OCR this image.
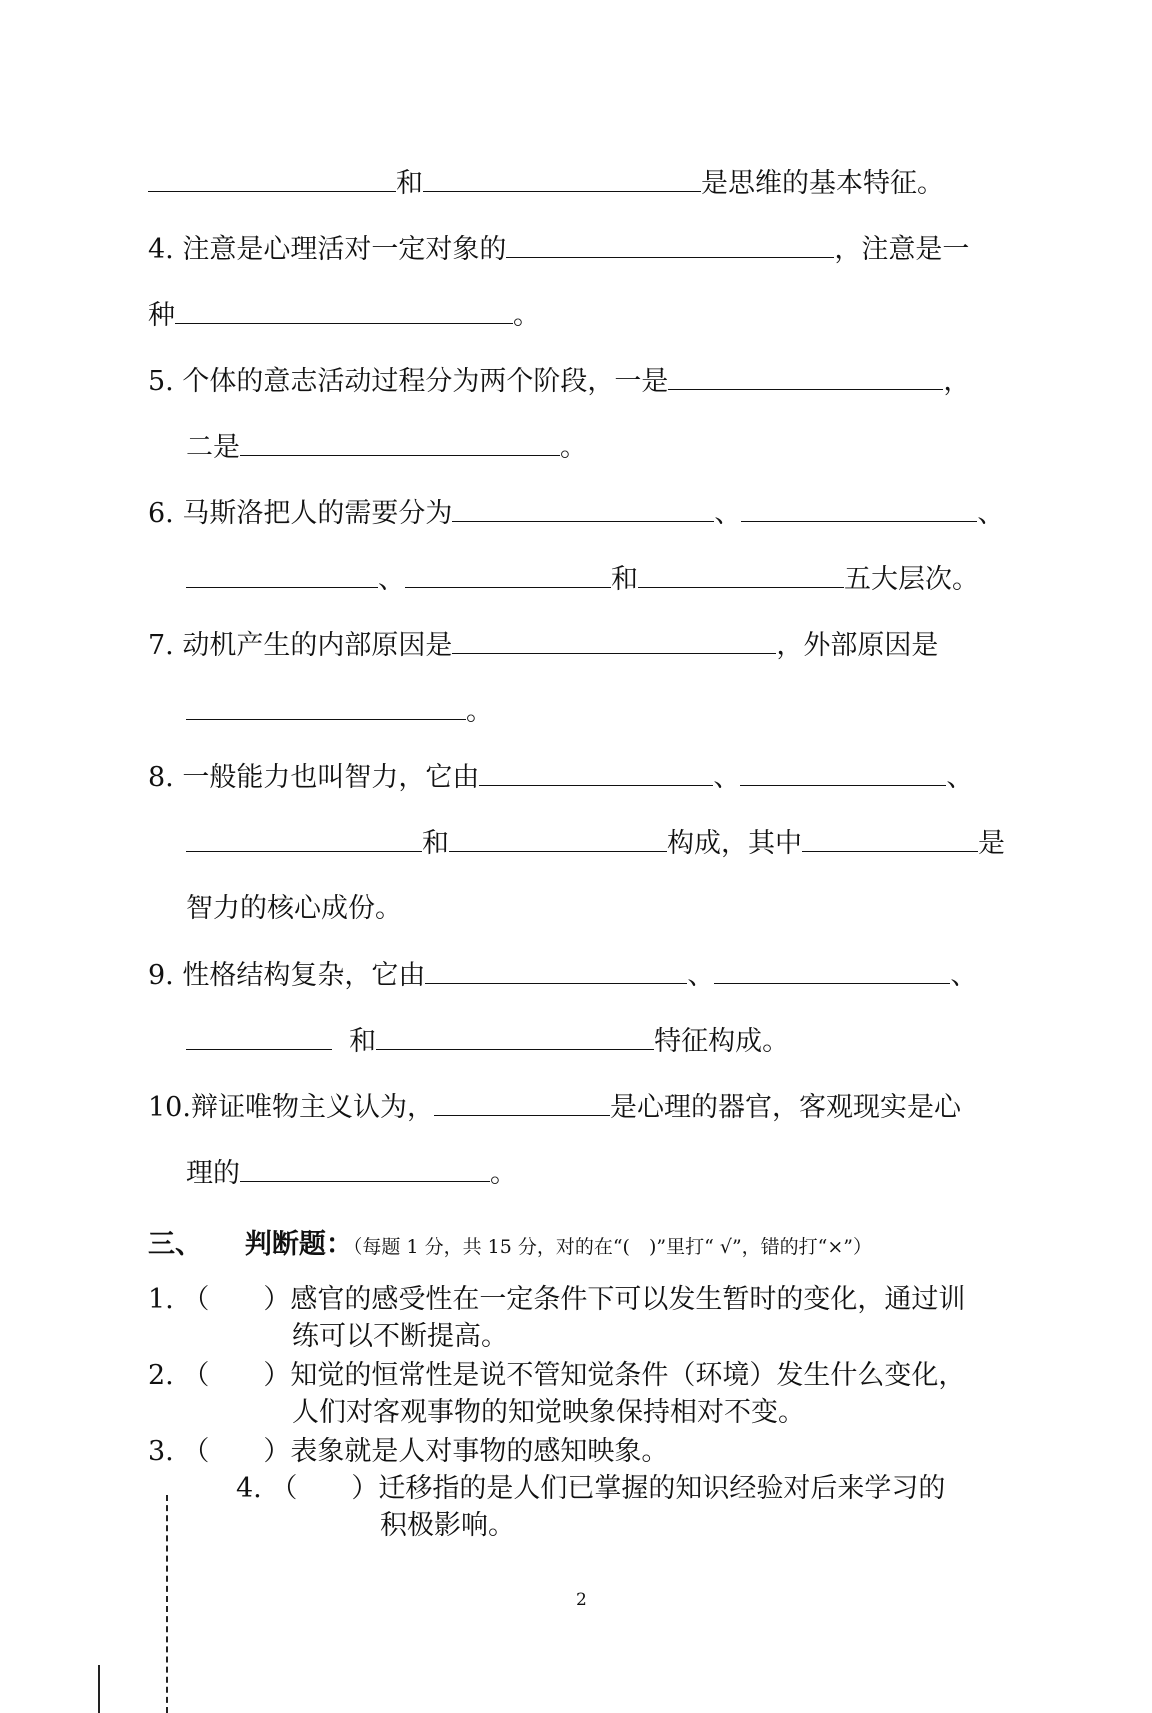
和	是思维的基本特征。
4. 注意是心理活对一定对象的	，注意是一
种	。
5. 个体的意志活动过程分为两个阶段，一是	，
二是	。
6. 马斯洛把人的需要分为	、	、
、	和	五大层次。
7. 动机产生的内部原因是	，外部原因是
。
8. 一般能力也叫智力，它由	、	、
和	构成，其中	是
智力的核心成份。
9. 性格结构复杂，它由	、	、
和	特征构成。
10.辩证唯物主义认为，	是心理的器官，客观现实是心
理的	。
三、 判断题：（每题 1 分，共 15 分，对的在“(　)”里打“ √”，错的打“×”）
1. （　　）感官的感受性在一定条件下可以发生暂时的变化，通过训
练可以不断提高。
2. （　　）知觉的恒常性是说不管知觉条件（环境）发生什么变化，
人们对客观事物的知觉映象保持相对不变。
3. （　　）表象就是人对事物的感知映象。
4. （　　）迁移指的是人们已掌握的知识经验对后来学习的
积极影响。
2
